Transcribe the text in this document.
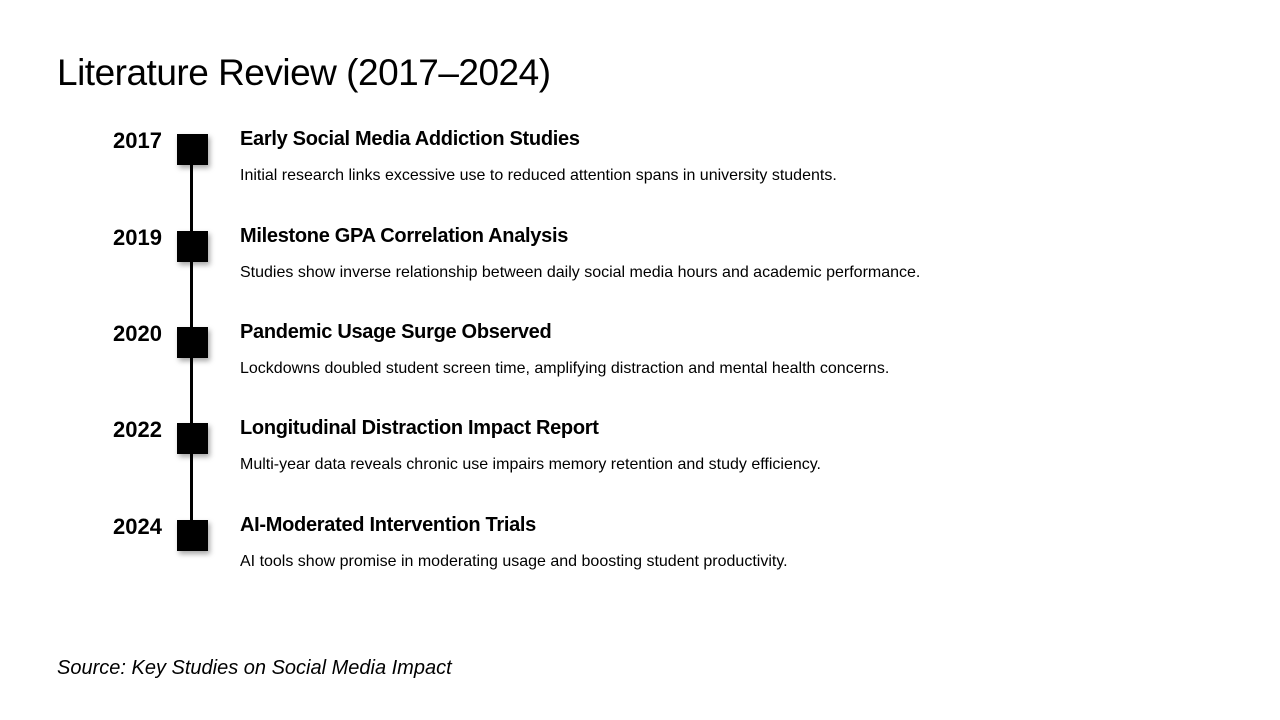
Literature Review (2017–2024)
2017	Early Social Media Addiction Studies
Initial research links excessive use to reduced attention spans in university students.
2019	Milestone GPA Correlation Analysis
Studies show inverse relationship between daily social media hours and academic performance.
2020	Pandemic Usage Surge Observed
Lockdowns doubled student screen time, amplifying distraction and mental health concerns.
2022	Longitudinal Distraction Impact Report
Multi-year data reveals chronic use impairs memory retention and study efficiency.
2024	AI-Moderated Intervention Trials
AI tools show promise in moderating usage and boosting student productivity.
Source: Key Studies on Social Media Impact
